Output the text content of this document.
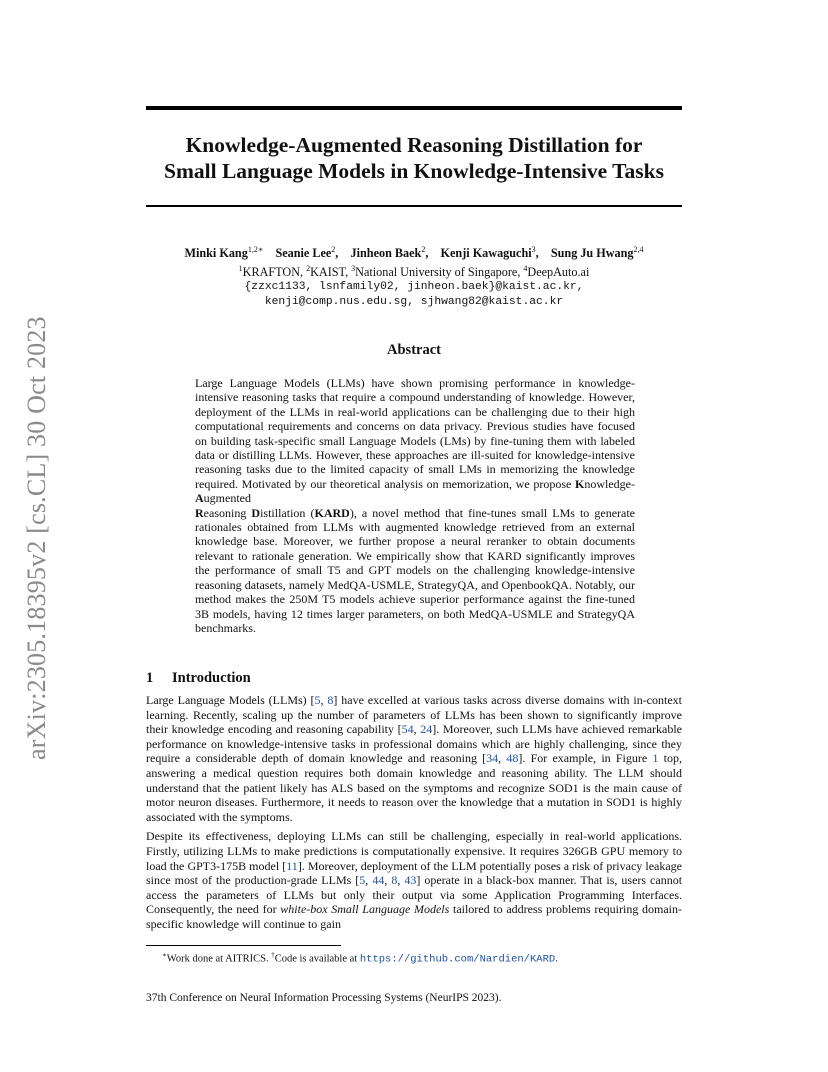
Knowledge-Augmented Reasoning Distillation for
Small Language Models in Knowledge-Intensive Tasks
arXiv:2305.18395v2 [cs.CL] 30 Oct 2023
Minki Kang$^{1,2∗}$ Seanie Lee$^2$,    Jinheon Baek$^2$,    Kenji Kawaguchi$^3$,    Sung Ju Hwang$^{2,4}$
$^1$KRAFTON, $^2$KAIST, $^3$National University of Singapore, $^4$DeepAuto.ai
{zzxc1133, lsnfamily02, jinheon.baek}@kaist.ac.kr,
kenji@comp.nus.edu.sg, sjhwang82@kaist.ac.kr
Abstract
Large Language Models (LLMs) have shown promising performance in knowledge-intensive reasoning tasks that require a compound understanding of knowledge. However, deployment of the LLMs in real-world applications can be challenging due to their high computational requirements and concerns on data privacy. Previous studies have focused on building task-specific small Language Models (LMs) by fine-tuning them with labeled data or distilling LLMs. However, these approaches are ill-suited for knowledge-intensive reasoning tasks due to the limited capacity of small LMs in memorizing the knowledge required. Motivated by our theoretical analysis on memorization, we propose Knowledge-Augmented
Reasoning Distillation (KARD), a novel method that fine-tunes small LMs to generate rationales obtained from LLMs with augmented knowledge retrieved from an external knowledge base. Moreover, we further propose a neural reranker to obtain documents relevant to rationale generation. We empirically show that KARD significantly improves the performance of small T5 and GPT models on the challenging knowledge-intensive reasoning datasets, namely MedQA-USMLE, StrategyQA, and OpenbookQA. Notably, our method makes the 250M T5 models achieve superior performance against the fine-tuned 3B models, having 12 times larger parameters, on both MedQA-USMLE and StrategyQA benchmarks.
1 Introduction

Large Language Models (LLMs) [5, 8] have excelled at various tasks across diverse domains with in-context learning. Recently, scaling up the number of parameters of LLMs has been shown to significantly improve their knowledge encoding and reasoning capability [54, 24]. Moreover, such LLMs have achieved remarkable performance on knowledge-intensive tasks in professional domains which are highly challenging, since they require a considerable depth of domain knowledge and reasoning [34, 48]. For example, in Figure 1 top, answering a medical question requires both domain knowledge and reasoning ability. The LLM should understand that the patient likely has ALS based on the symptoms and recognize SOD1 is the main cause of motor neuron diseases. Furthermore, it needs to reason over the knowledge that a mutation in SOD1 is highly associated with the symptoms.

Despite its effectiveness, deploying LLMs can still be challenging, especially in real-world applications. Firstly, utilizing LLMs to make predictions is computationally expensive. It requires 326GB GPU memory to load the GPT3-175B model [11]. Moreover, deployment of the LLM potentially poses a risk of privacy leakage since most of the production-grade LLMs [5, 44, 8, 43] operate in a black-box manner. That is, users cannot access the parameters of LLMs but only their output via some Application Programming Interfaces. Consequently, the need for white-box Small Language Models tailored to address problems requiring domain-specific knowledge will continue to gain

∗Work done at AITRICS. †Code is available at https://github.com/Nardien/KARD.
37th Conference on Neural Information Processing Systems (NeurIPS 2023).
